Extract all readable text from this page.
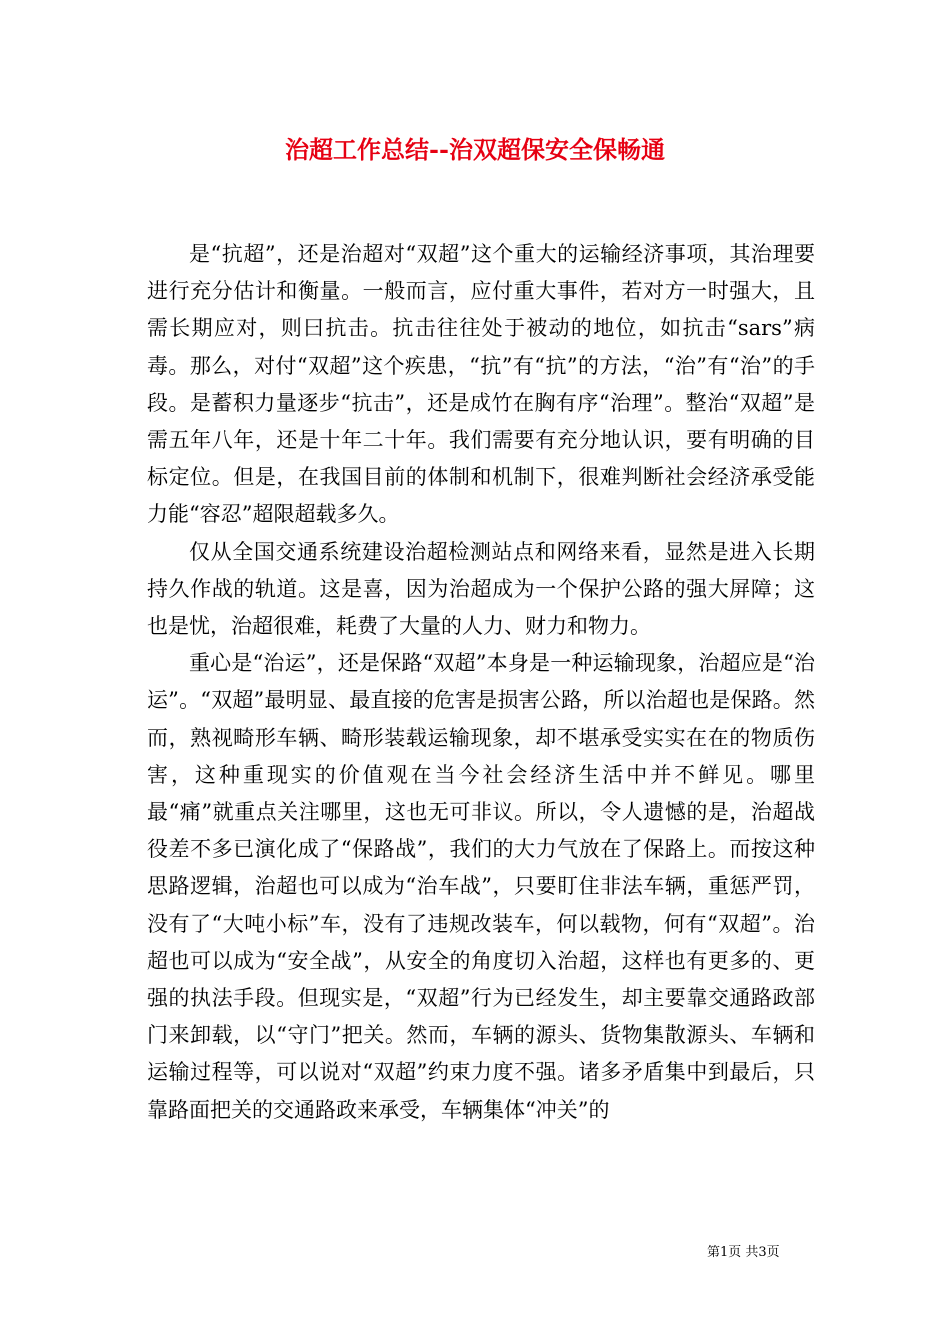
治超工作总结--治双超保安全保畅通

是“抗超”，还是治超对“双超”这个重大的运输经济事项，其治理要进行充分估计和衡量。一般而言，应付重大事件，若对方一时强大，且需长期应对，则曰抗击。抗击往往处于被动的地位，如抗击“sars”病毒。那么，对付“双超”这个疾患，“抗”有“抗”的方法，“治”有“治”的手段。是蓄积力量逐步“抗击”，还是成竹在胸有序“治理”。整治“双超”是需五年八年，还是十年二十年。我们需要有充分地认识，要有明确的目标定位。但是，在我国目前的体制和机制下，很难判断社会经济承受能力能“容忍”超限超载多久。

仅从全国交通系统建设治超检测站点和网络来看，显然是进入长期持久作战的轨道。这是喜，因为治超成为一个保护公路的强大屏障；这也是忧，治超很难，耗费了大量的人力、财力和物力。

重心是“治运”，还是保路“双超”本身是一种运输现象，治超应是“治运”。“双超”最明显、最直接的危害是损害公路，所以治超也是保路。然而，熟视畸形车辆、畸形装载运输现象，却不堪承受实实在在的物质伤害，这种重现实的价值观在当今社会经济生活中并不鲜见。哪里最“痛”就重点关注哪里，这也无可非议。所以，令人遗憾的是，治超战役差不多已演化成了“保路战”，我们的大力气放在了保路上。而按这种思路逻辑，治超也可以成为“治车战”，只要盯住非法车辆，重惩严罚，没有了“大吨小标”车，没有了违规改装车，何以载物，何有“双超”。治超也可以成为“安全战”，从安全的角度切入治超，这样也有更多的、更强的执法手段。但现实是，“双超”行为已经发生，却主要靠交通路政部门来卸载，以“守门”把关。然而，车辆的源头、货物集散源头、车辆和运输过程等，可以说对“双超”约束力度不强。诸多矛盾集中到最后，只靠路面把关的交通路政来承受，车辆集体“冲关”的

第1页 共3页
